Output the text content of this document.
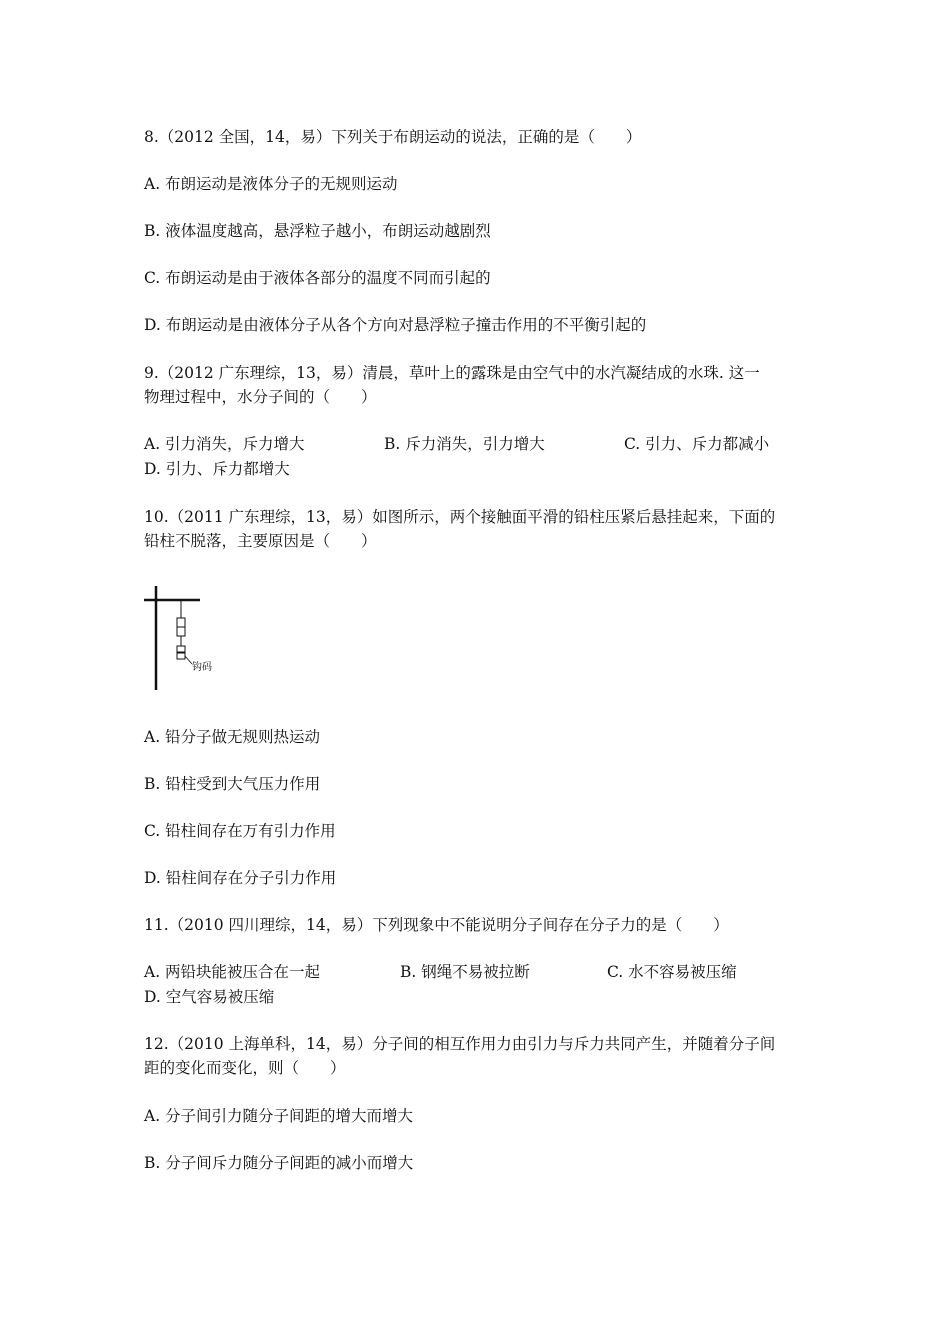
8.（2012 全国，14，易）下列关于布朗运动的说法，正确的是（　　）
A. 布朗运动是液体分子的无规则运动
B. 液体温度越高，悬浮粒子越小，布朗运动越剧烈
C. 布朗运动是由于液体各部分的温度不同而引起的
D. 布朗运动是由液体分子从各个方向对悬浮粒子撞击作用的不平衡引起的
9.（2012 广东理综，13，易）清晨，草叶上的露珠是由空气中的水汽凝结成的水珠. 这一
物理过程中，水分子间的（　　）
A. 引力消失，斥力增大	B. 斥力消失，引力增大	C. 引力、斥力都减小
D. 引力、斥力都增大
10.（2011 广东理综，13，易）如图所示，两个接触面平滑的铅柱压紧后悬挂起来，下面的
铅柱不脱落，主要原因是（　　）
钩码
A. 铅分子做无规则热运动
B. 铅柱受到大气压力作用
C. 铅柱间存在万有引力作用
D. 铅柱间存在分子引力作用
11.（2010 四川理综，14，易）下列现象中不能说明分子间存在分子力的是（　　）
A. 两铅块能被压合在一起	B. 钢绳不易被拉断	C. 水不容易被压缩
D. 空气容易被压缩
12.（2010 上海单科，14，易）分子间的相互作用力由引力与斥力共同产生，并随着分子间
距的变化而变化，则（　　）
A. 分子间引力随分子间距的增大而增大
B. 分子间斥力随分子间距的减小而增大
